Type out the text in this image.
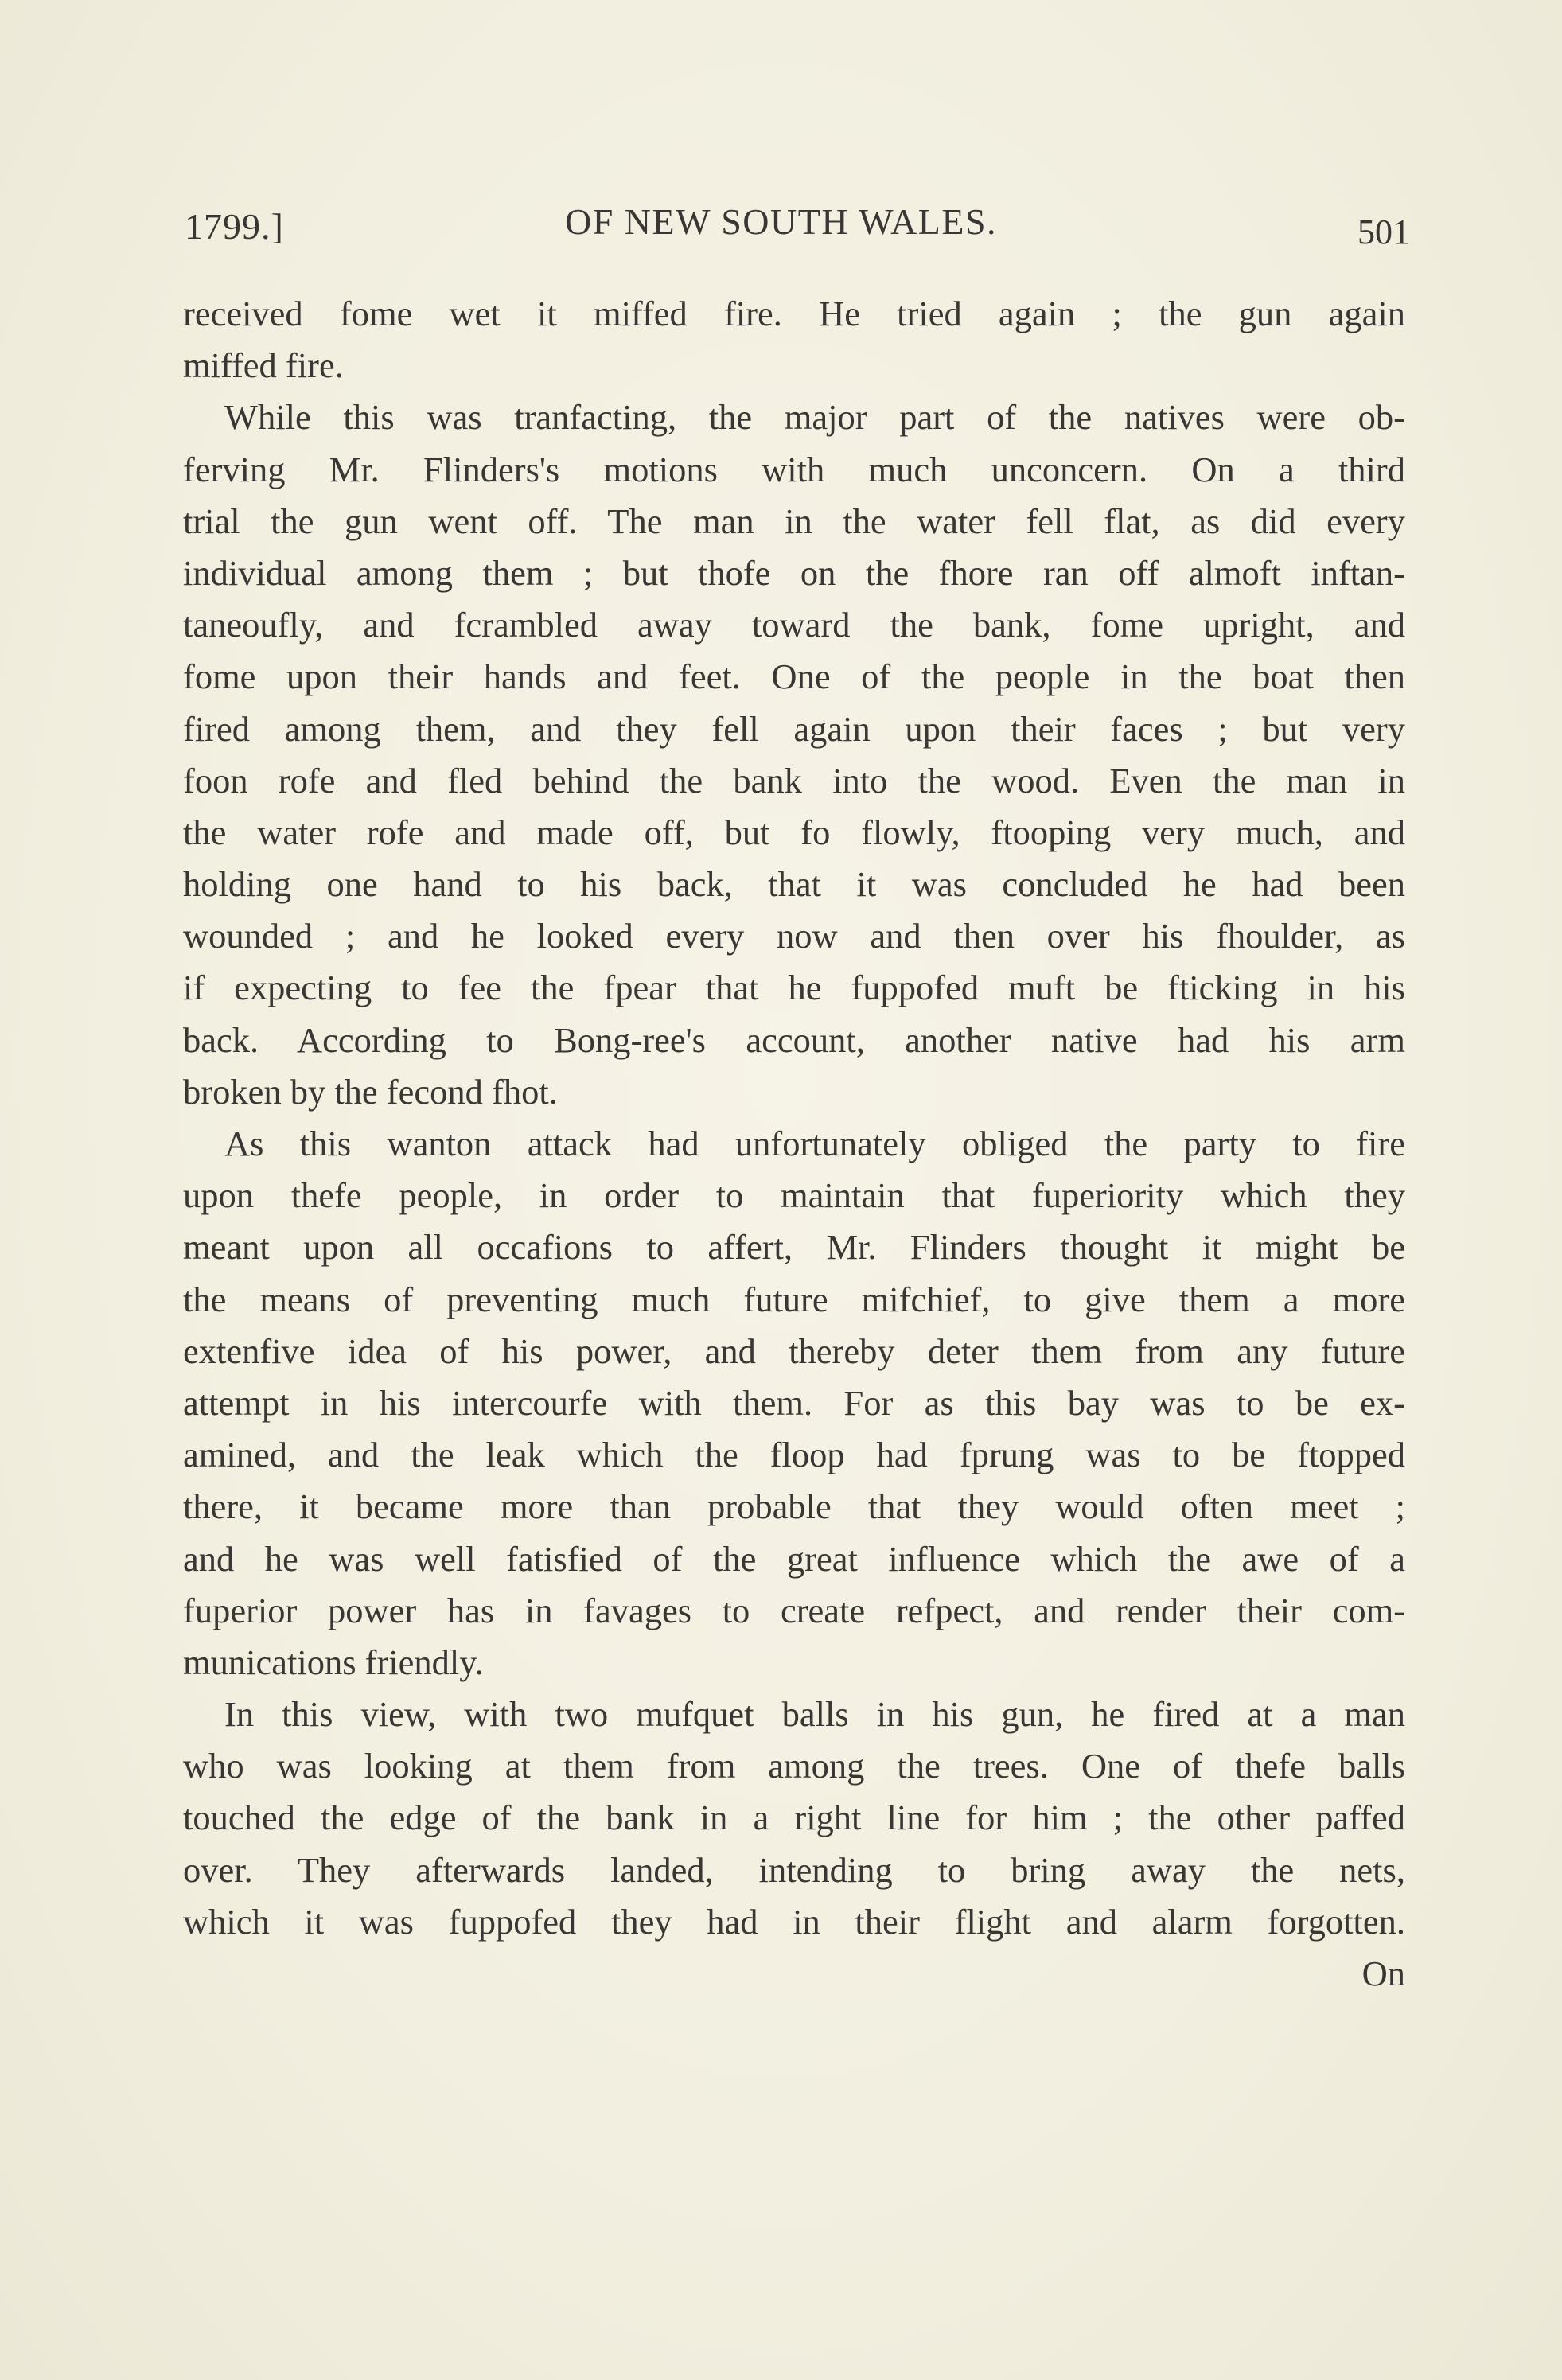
1799.]	OF NEW SOUTH WALES.	501
received fome wet it miffed fire. He tried again ; the gun again
miffed fire.
While this was tranfacting, the major part of the natives were ob-
ferving Mr. Flinders's motions with much unconcern. On a third
trial the gun went off. The man in the water fell flat, as did every
individual among them ; but thofe on the fhore ran off almoft inftan-
taneoufly, and fcrambled away toward the bank, fome upright, and
fome upon their hands and feet. One of the people in the boat then
fired among them, and they fell again upon their faces ; but very
foon rofe and fled behind the bank into the wood. Even the man in
the water rofe and made off, but fo flowly, ftooping very much, and
holding one hand to his back, that it was concluded he had been
wounded ; and he looked every now and then over his fhoulder, as
if expecting to fee the fpear that he fuppofed muft be fticking in his
back. According to Bong-ree's account, another native had his arm
broken by the fecond fhot.
As this wanton attack had unfortunately obliged the party to fire
upon thefe people, in order to maintain that fuperiority which they
meant upon all occafions to affert, Mr. Flinders thought it might be
the means of preventing much future mifchief, to give them a more
extenfive idea of his power, and thereby deter them from any future
attempt in his intercourfe with them. For as this bay was to be ex-
amined, and the leak which the floop had fprung was to be ftopped
there, it became more than probable that they would often meet ;
and he was well fatisfied of the great influence which the awe of a
fuperior power has in favages to create refpect, and render their com-
munications friendly.
In this view, with two mufquet balls in his gun, he fired at a man
who was looking at them from among the trees. One of thefe balls
touched the edge of the bank in a right line for him ; the other paffed
over. They afterwards landed, intending to bring away the nets,
which it was fuppofed they had in their flight and alarm forgotten.
On
